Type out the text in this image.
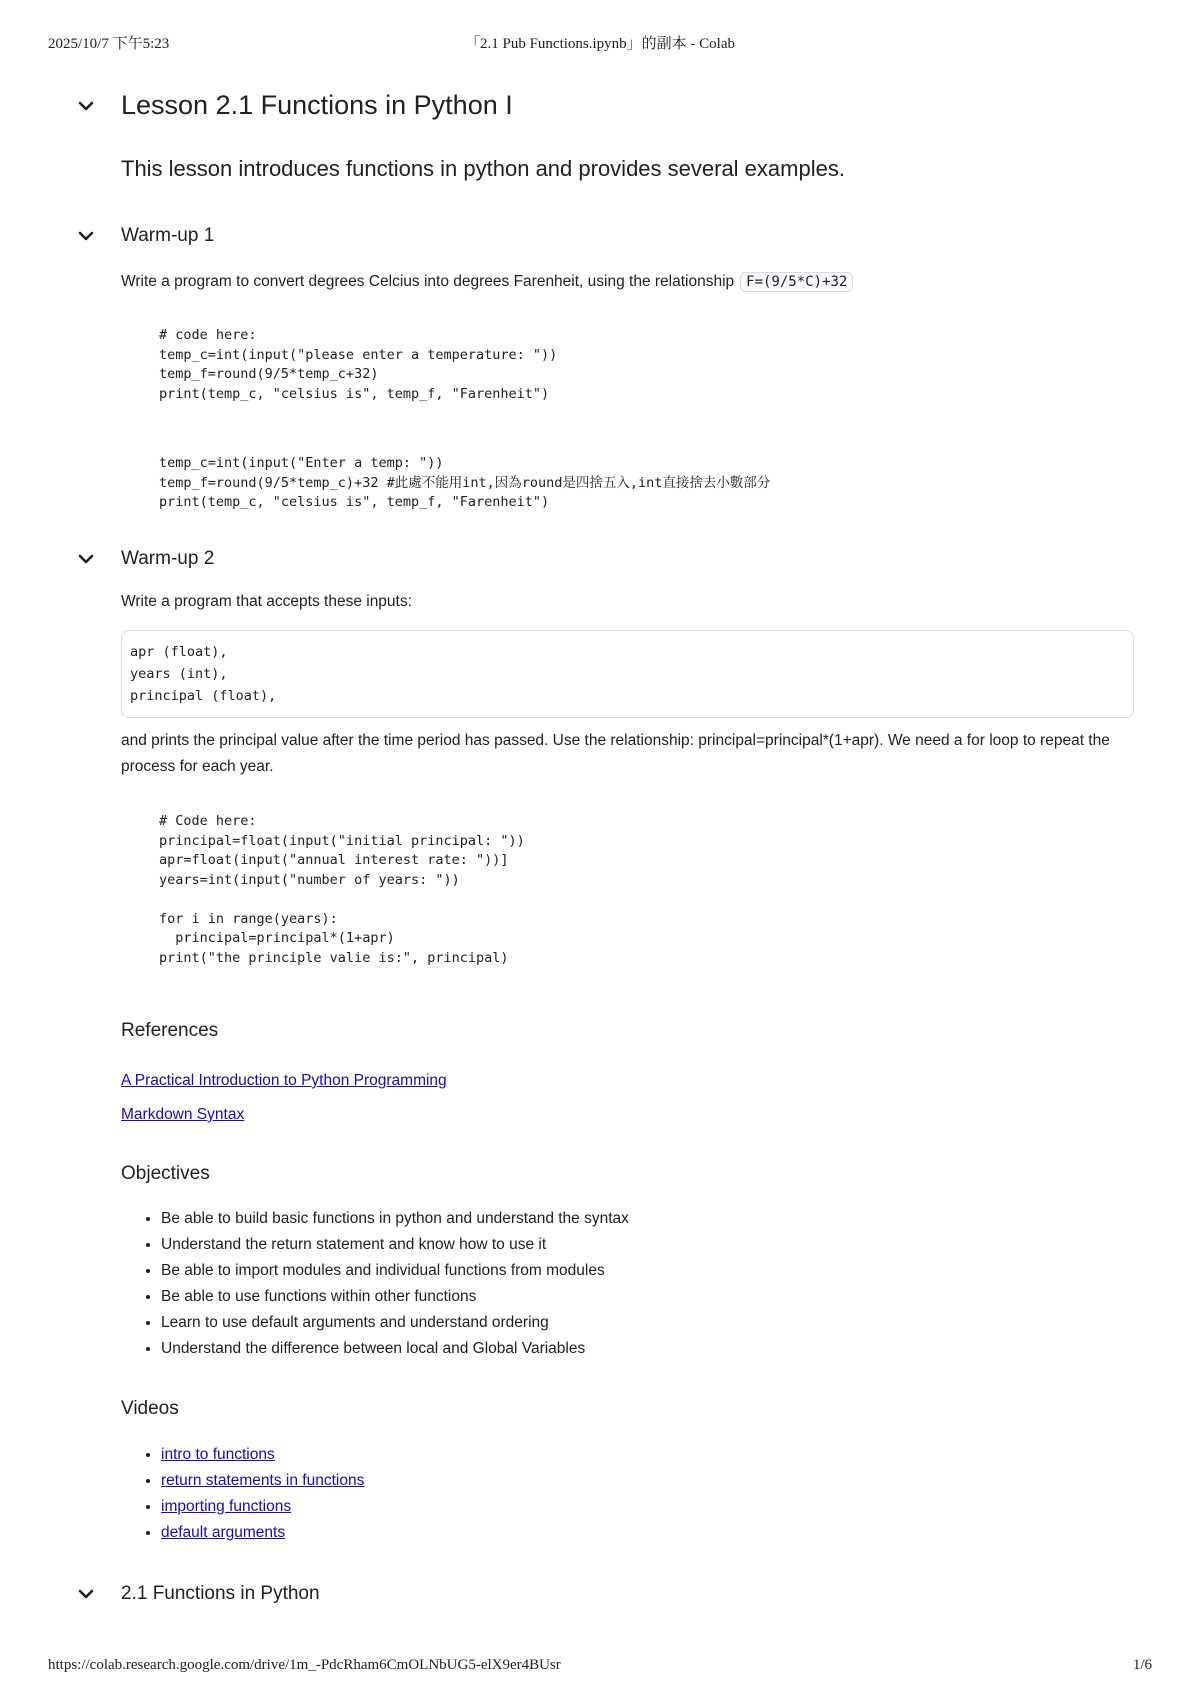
2025/10/7 下午5:23	「2.1 Pub Functions.ipynb」的副本 - Colab
Lesson 2.1 Functions in Python I
This lesson introduces functions in python and provides several examples.
Warm-up 1
Write a program to convert degrees Celcius into degrees Farenheit, using the relationship F=(9/5*C)+32
# code here:
temp_c=int(input("please enter a temperature: "))
temp_f=round(9/5*temp_c+32)
print(temp_c, "celsius is", temp_f, "Farenheit")
temp_c=int(input("Enter a temp: "))
temp_f=round(9/5*temp_c)+32 #此處不能用int,因為round是四捨五入,int直接捨去小數部分
print(temp_c, "celsius is", temp_f, "Farenheit")
Warm-up 2
Write a program that accepts these inputs:
apr (float),
years (int),
principal (float),
and prints the principal value after the time period has passed. Use the relationship: principal=principal*(1+apr). We need a for loop to repeat the process for each year.
# Code here:
principal=float(input("initial principal: "))
apr=float(input("annual interest rate: "))]
years=int(input("number of years: "))

for i in range(years):
principal=principal*(1+apr)
print("the principle valie is:", principal)
References
A Practical Introduction to Python Programming
Markdown Syntax
Objectives
• Be able to build basic functions in python and understand the syntax
• Understand the return statement and know how to use it
• Be able to import modules and individual functions from modules
• Be able to use functions within other functions
• Learn to use default arguments and understand ordering
• Understand the difference between local and Global Variables
Videos
• intro to functions
• return statements in functions
• importing functions
• default arguments
2.1 Functions in Python
https://colab.research.google.com/drive/1m_-PdcRham6CmOLNbUG5-elX9er4BUsr	1/6
